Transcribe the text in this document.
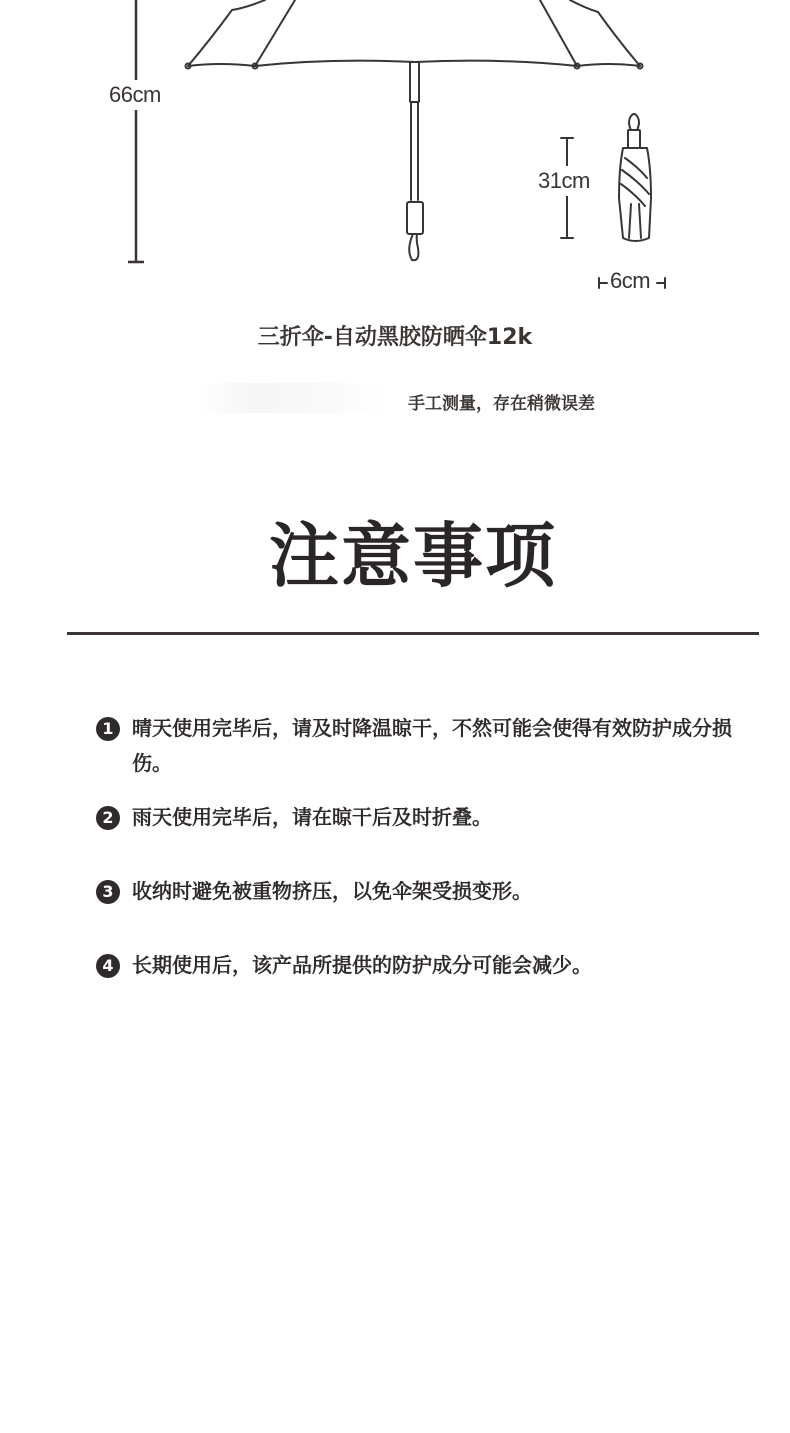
66cm
31cm
6cm
三折伞-自动黑胶防晒伞12k
手工测量，存在稍微误差
注意事项
1 晴天使用完毕后，请及时降温晾干，不然可能会使得有效防护成分损伤。
2 雨天使用完毕后，请在晾干后及时折叠。
3 收纳时避免被重物挤压，以免伞架受损变形。
4 长期使用后，该产品所提供的防护成分可能会减少。
